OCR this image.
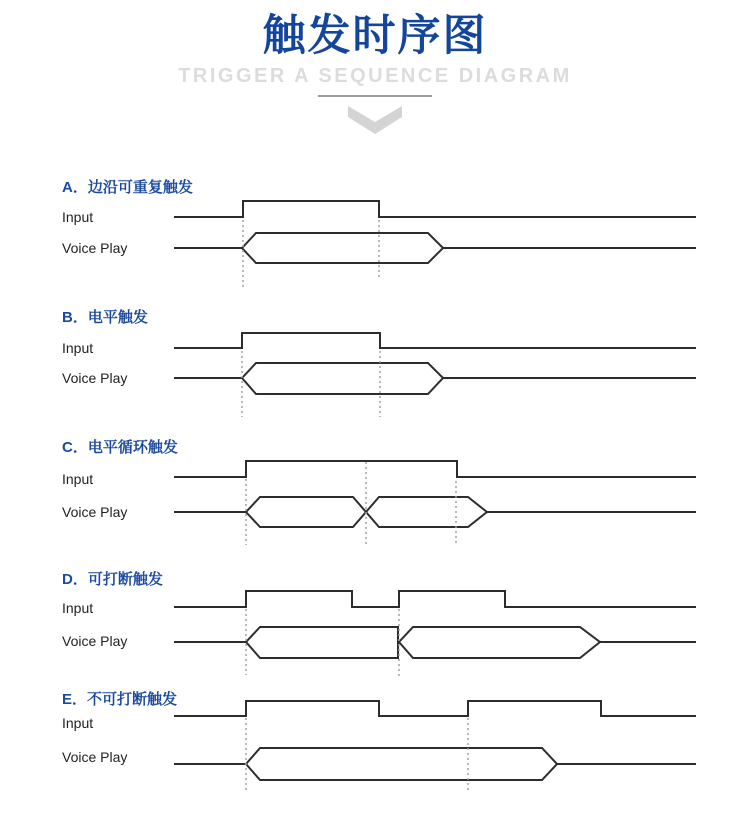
触发时序图
TRIGGER A SEQUENCE DIAGRAM
A．边沿可重复触发
Input
Voice Play
B．电平触发
Input
Voice Play
C．电平循环触发
Input
Voice Play
D．可打断触发
Input
Voice Play
E．不可打断触发
Input
Voice Play
